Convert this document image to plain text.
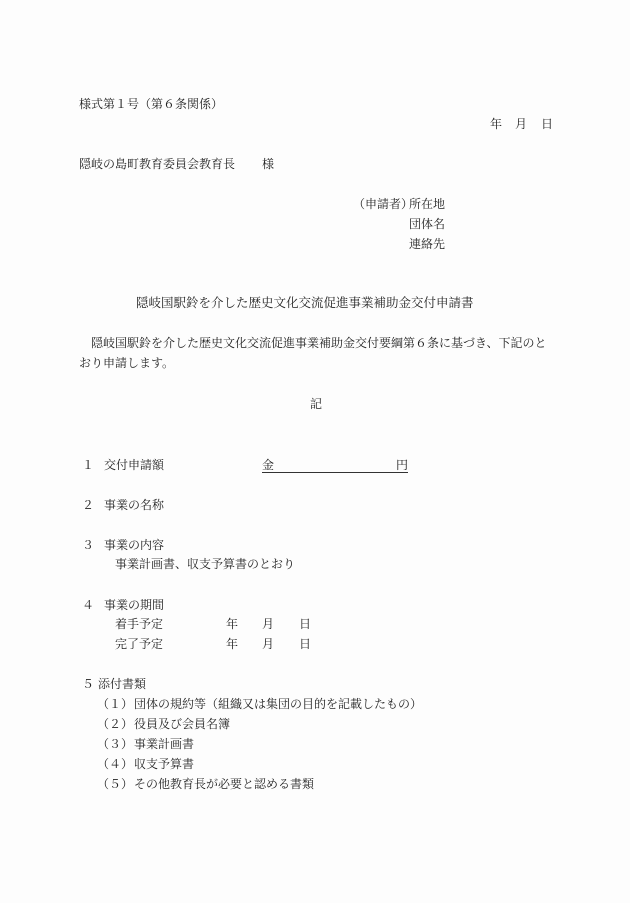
様式第１号（第６条関係）
年 月 日
隠岐の島町教育委員会教育長 様
（申請者）
所在地
団体名
連絡先
隠岐国駅鈴を介した歴史文化交流促進事業補助金交付申請書
隠岐国駅鈴を介した歴史文化交流促進事業補助金交付要綱第６条に基づき、下記のと
おり申請します。
記
１ 交付申請額	金	円
２ 事業の名称
３ 事業の内容
事業計画書、収支予算書のとおり
４ 事業の期間
着手予定	年 月 日
完了予定	年 月 日
５ 添付書類
（１） 団体の規約等（組織又は集団の目的を記載したもの）
（２） 役員及び会員名簿
（３） 事業計画書
（４） 収支予算書
（５） その他教育長が必要と認める書類
